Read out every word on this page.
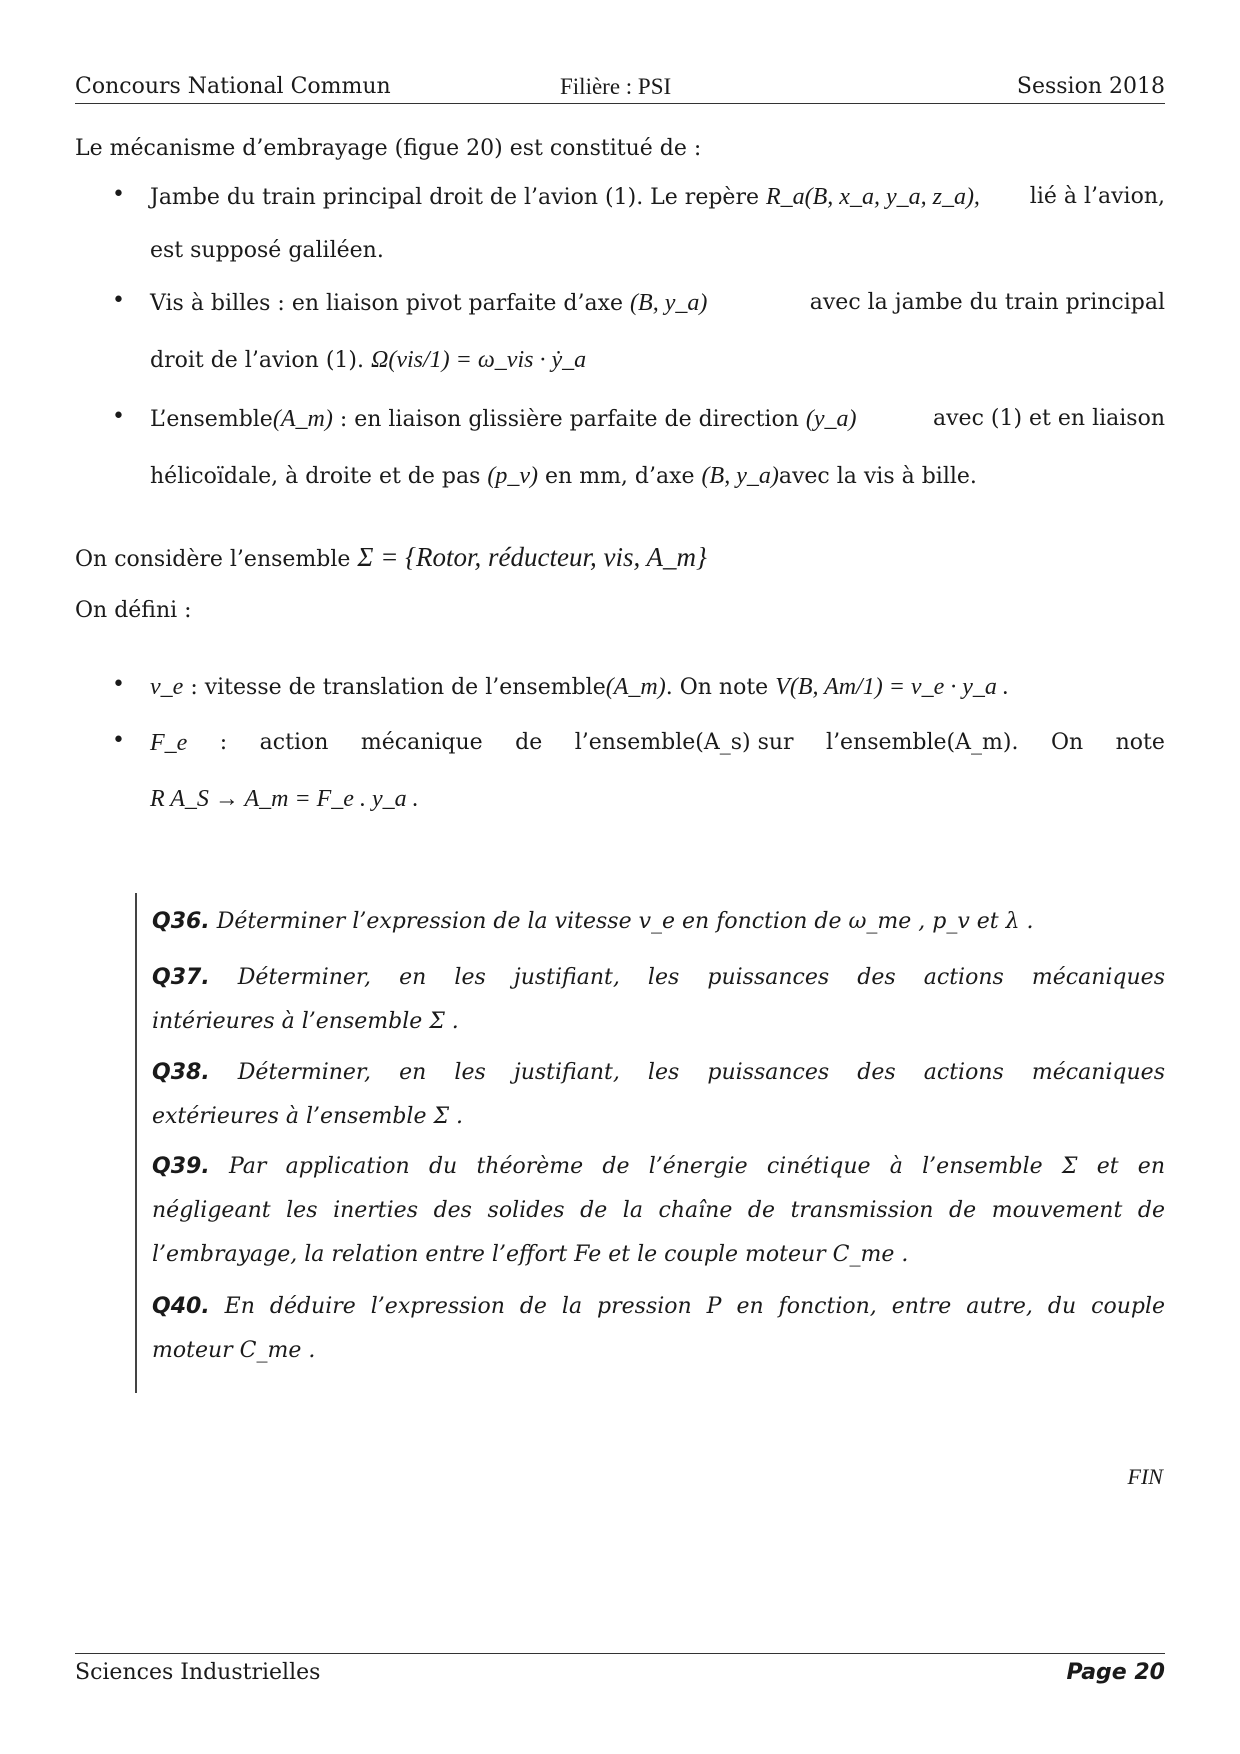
Concours National Commun	Filière : PSI	Session 2018
Le mécanisme d’embrayage (figue 20) est constitué de :
• Jambe du train principal droit de l’avion (1). Le repère R_a(B, x_a, y_a, z_a), lié à l’avion,
est supposé galiléen.
• Vis à billes : en liaison pivot parfaite d’axe (B, y_a)	avec la jambe du train principal
droit de l’avion (1). Ω(vis/1) = ω_vis · ẏ_a
• L’ensemble(A_m) : en liaison glissière parfaite de direction (y_a)	avec (1) et en liaison
hélicoïdale, à droite et de pas (p_v) en mm, d’axe (B, y_a)avec la vis à bille.
On considère l’ensemble Σ = {Rotor, réducteur, vis, A_m}
On défini :
• v_e : vitesse de translation de l’ensemble(A_m). On note V(B, Am/1) = v_e · y_a .
• F_e : action mécanique de l’ensemble(A_s) sur l’ensemble(A_m). On note
R A_S → A_m = F_e . y_a .
Q36. Déterminer l’expression de la vitesse v_e en fonction de ω_me , p_v et λ .
Q37. Déterminer, en les justifiant, les puissances des actions mécaniques
intérieures à l’ensemble Σ .
Q38. Déterminer, en les justifiant, les puissances des actions mécaniques
extérieures à l’ensemble Σ .
Q39. Par application du théorème de l’énergie cinétique à l’ensemble Σ et en
négligeant les inerties des solides de la chaîne de transmission de mouvement de
l’embrayage, la relation entre l’effort Fe et le couple moteur C_me .
Q40. En déduire l’expression de la pression P en fonction, entre autre, du couple
moteur C_me .
FIN
Sciences Industrielles	Page 20
